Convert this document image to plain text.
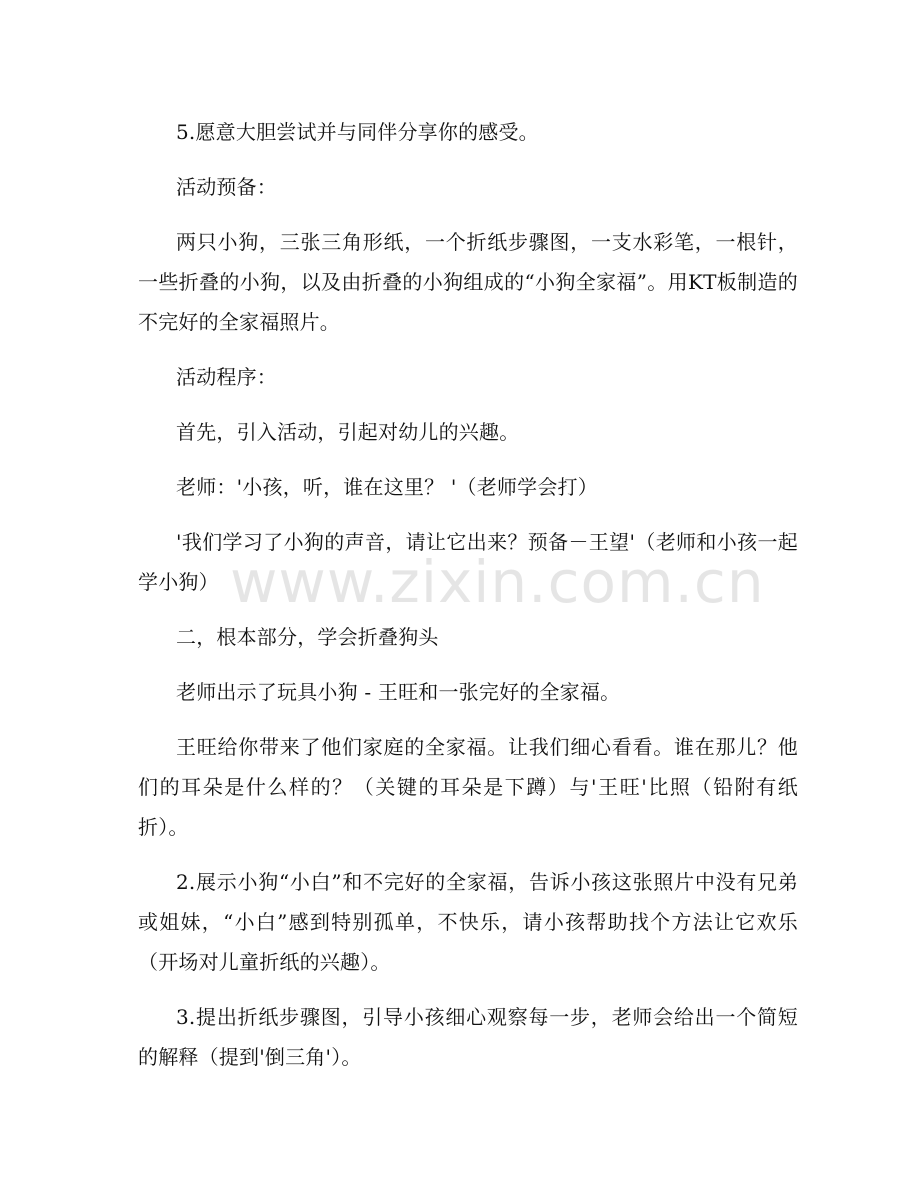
5.愿意大胆尝试并与同伴分享你的感受。

活动预备：

两只小狗，三张三角形纸，一个折纸步骤图，一支水彩笔，一根针，一些折叠的小狗，以及由折叠的小狗组成的“小狗全家福”。用KT板制造的不完好的全家福照片。

活动程序：

首先，引入活动，引起对幼儿的兴趣。

老师：'小孩，听，谁在这里？ '（老师学会打）

'我们学习了小狗的声音，请让它出来？预备－王望'（老师和小孩一起学小狗）

二，根本部分，学会折叠狗头

老师出示了玩具小狗 - 王旺和一张完好的全家福。

王旺给你带来了他们家庭的全家福。让我们细心看看。谁在那儿？他们的耳朵是什么样的？（关键的耳朵是下蹲）与'王旺'比照（铅附有纸折）。

2.展示小狗“小白”和不完好的全家福，告诉小孩这张照片中没有兄弟或姐妹，“小白”感到特别孤单，不快乐，请小孩帮助找个方法让它欢乐（开场对儿童折纸的兴趣）。

3.提出折纸步骤图，引导小孩细心观察每一步，老师会给出一个简短的解释（提到'倒三角'）。

www.zixin.com.cn
